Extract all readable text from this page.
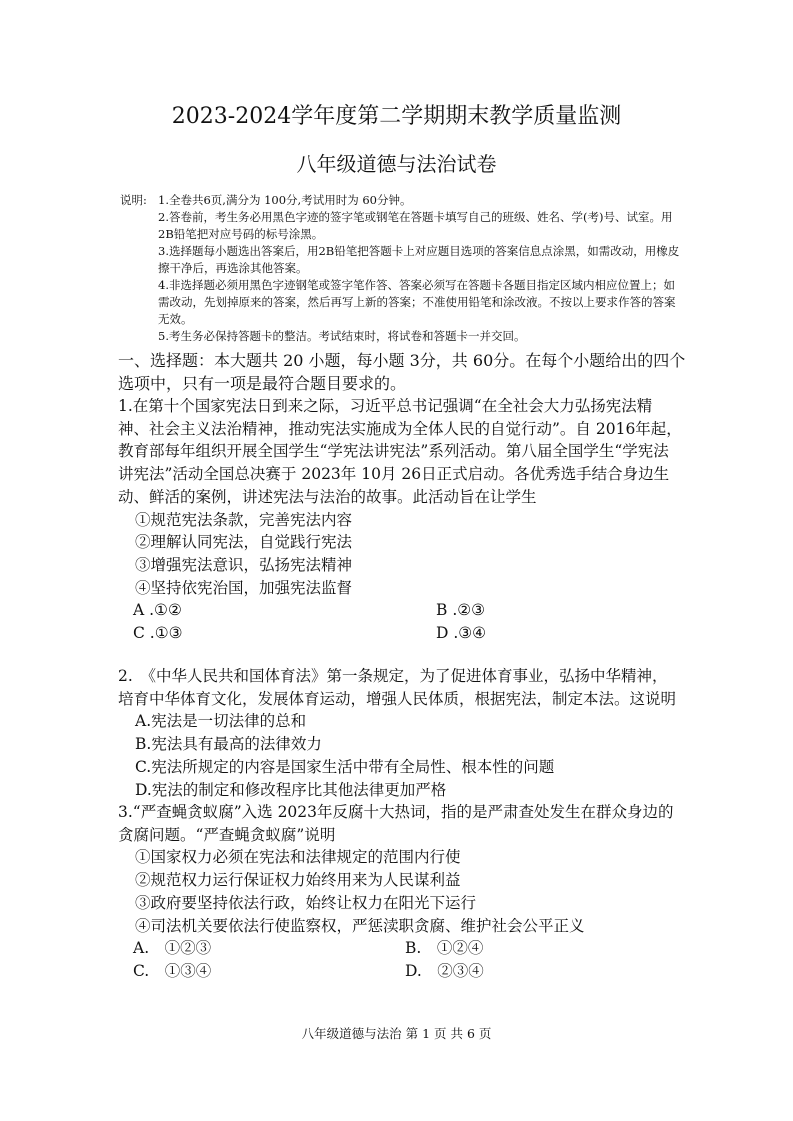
2023-2024学年度第二学期期末教学质量监测
八年级道德与法治试卷
说明: 1.全卷共6页,满分为 100分,考试用时为 60分钟。
2.答卷前，考生务必用黑色字迹的签字笔或钢笔在答题卡填写自己的班级、姓名、学(考)号、试室。用2B铅笔把对应号码的标号涂黑。
3.选择题每小题选出答案后，用2B铅笔把答题卡上对应题目选项的答案信息点涂黑，如需改动，用橡皮擦干净后，再选涂其他答案。
4.非选择题必须用黑色字迹钢笔或签字笔作答、答案必须写在答题卡各题目指定区域内相应位置上；如需改动，先划掉原来的答案，然后再写上新的答案；不准使用铅笔和涂改液。不按以上要求作答的答案无效。
5.考生务必保持答题卡的整洁。考试结束时，将试卷和答题卡一并交回。
一、选择题：本大题共 20 小题，每小题 3分，共 60分。在每个小题给出的四个选项中，只有一项是最符合题目要求的。
1.在第十个国家宪法日到来之际，习近平总书记强调“在全社会大力弘扬宪法精神、社会主义法治精神，推动宪法实施成为全体人民的自觉行动”。自 2016年起，教育部每年组织开展全国学生“学宪法讲宪法”系列活动。第八届全国学生“学宪法讲宪法”活动全国总决赛于 2023年 10月 26日正式启动。各优秀选手结合身边生动、鲜活的案例，讲述宪法与法治的故事。此活动旨在让学生
①规范宪法条款，完善宪法内容
②理解认同宪法，自觉践行宪法
③增强宪法意识，弘扬宪法精神
④坚持依宪治国，加强宪法监督
A .①②	B .②③
C .①③	D .③④
2.　《中华人民共和国体育法》第一条规定，为了促进体育事业，弘扬中华精神，培育中华体育文化，发展体育运动，增强人民体质，根据宪法，制定本法。这说明
A.宪法是一切法律的总和
B.宪法具有最高的法律效力
C.宪法所规定的内容是国家生活中带有全局性、根本性的问题
D.宪法的制定和修改程序比其他法律更加严格
3.“严查蝇贪蚁腐”入选 2023年反腐十大热词，指的是严肃查处发生在群众身边的贪腐问题。“严查蝇贪蚁腐”说明
①国家权力必须在宪法和法律规定的范围内行使
②规范权力运行保证权力始终用来为人民谋利益
③政府要坚持依法行政，始终让权力在阳光下运行
④司法机关要依法行使监察权，严惩渎职贪腐、维护社会公平正义
A.　①②③	B.　①②④
C.　①③④	D.　②③④
八年级道德与法治 第 1 页 共 6 页
